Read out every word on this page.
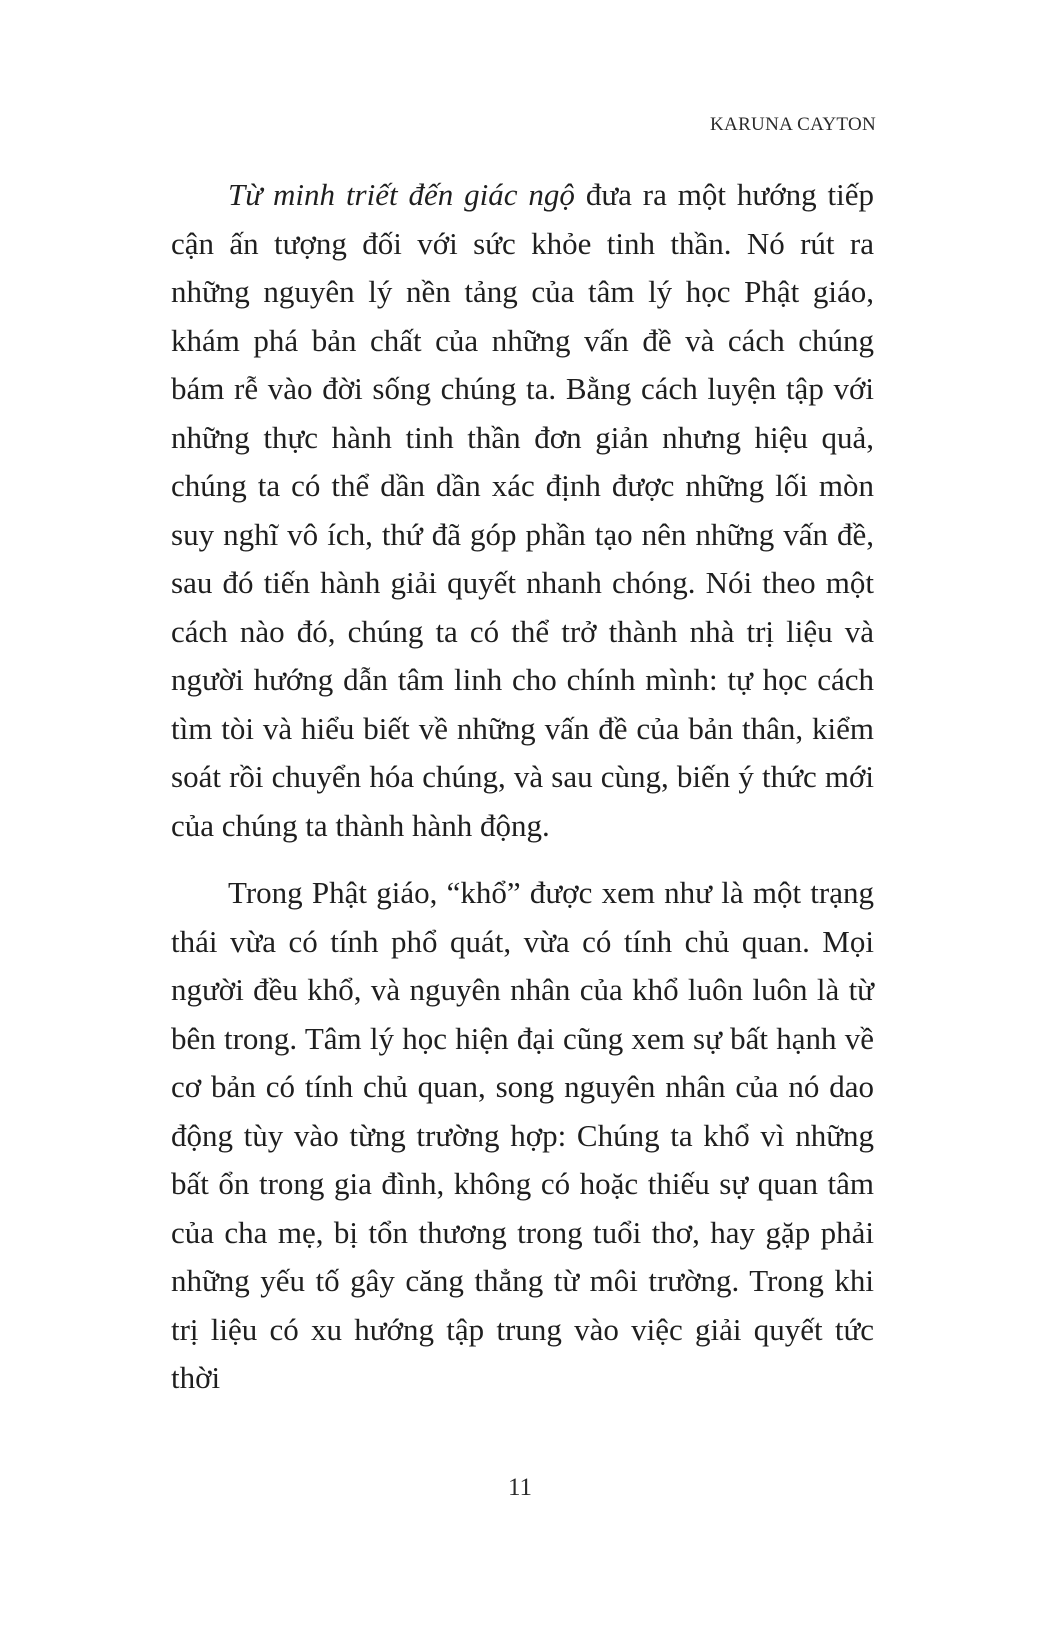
KARUNA CAYTON

Từ minh triết đến giác ngộ đưa ra một hướng tiếp cận ấn tượng đối với sức khỏe tinh thần. Nó rút ra những nguyên lý nền tảng của tâm lý học Phật giáo, khám phá bản chất của những vấn đề và cách chúng bám rễ vào đời sống chúng ta. Bằng cách luyện tập với những thực hành tinh thần đơn giản nhưng hiệu quả, chúng ta có thể dần dần xác định được những lối mòn suy nghĩ vô ích, thứ đã góp phần tạo nên những vấn đề, sau đó tiến hành giải quyết nhanh chóng. Nói theo một cách nào đó, chúng ta có thể trở thành nhà trị liệu và người hướng dẫn tâm linh cho chính mình: tự học cách tìm tòi và hiểu biết về những vấn đề của bản thân, kiểm soát rồi chuyển hóa chúng, và sau cùng, biến ý thức mới của chúng ta thành hành động.

Trong Phật giáo, “khổ” được xem như là một trạng thái vừa có tính phổ quát, vừa có tính chủ quan. Mọi người đều khổ, và nguyên nhân của khổ luôn luôn là từ bên trong. Tâm lý học hiện đại cũng xem sự bất hạnh về cơ bản có tính chủ quan, song nguyên nhân của nó dao động tùy vào từng trường hợp: Chúng ta khổ vì những bất ổn trong gia đình, không có hoặc thiếu sự quan tâm của cha mẹ, bị tổn thương trong tuổi thơ, hay gặp phải những yếu tố gây căng thẳng từ môi trường. Trong khi trị liệu có xu hướng tập trung vào việc giải quyết tức thời

11
